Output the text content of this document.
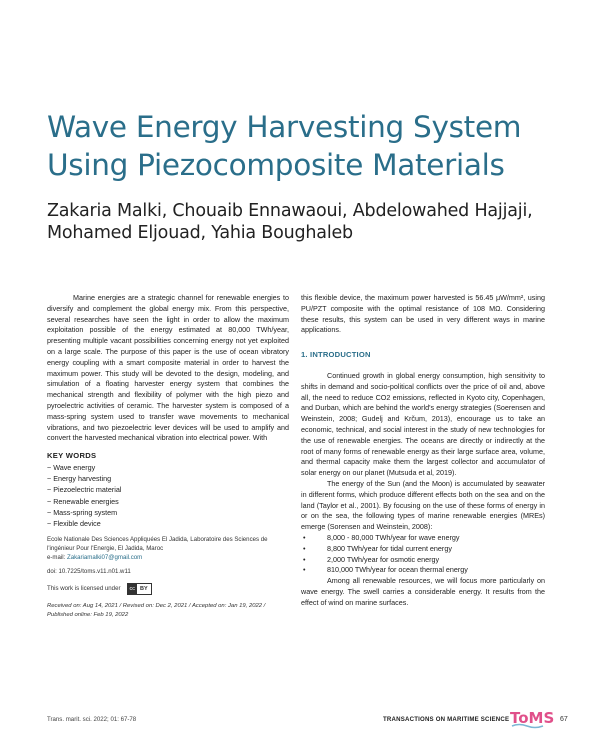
Wave Energy Harvesting System
Using Piezocomposite Materials
Zakaria Malki, Chouaib Ennawaoui, Abdelowahed Hajjaji,
Mohamed Eljouad, Yahia Boughaleb

Marine energies are a strategic channel for renewable energies to diversify and complement the global energy mix. From this perspective, several researches have seen the light in order to allow the maximum exploitation possible of the energy estimated at 80,000 TWh/year, presenting multiple vacant possibilities concerning energy not yet exploited on a large scale. The purpose of this paper is the use of ocean vibratory energy coupling with a smart composite material in order to harvest the maximum power. This study will be devoted to the design, modeling, and simulation of a floating harvester energy system that combines the mechanical strength and flexibility of polymer with the high piezo and pyroelectric activities of ceramic. The harvester system is composed of a mass-spring system used to transfer wave movements to mechanical vibrations, and two piezoelectric lever devices will be used to amplify and convert the harvested mechanical vibration into electrical power. With

KEY WORDS
~ Wave energy
~ Energy harvesting
~ Piezoelectric material
~ Renewable energies
~ Mass-spring system
~ Flexible device
Ecole Nationale Des Sciences Appliquées El Jadida, Laboratoire des Sciences de l'ingénieur Pour l'Energie, El Jadida, Maroc
e-mail: Zakariamalki07@gmail.com
doi: 10.7225/toms.v11.n01.w11
This work is licensed under	cc BY
Received on: Aug 14, 2021 / Revised on: Dec 2, 2021 / Accepted on: Jan 19, 2022 / Published online: Feb 19, 2022

this flexible device, the maximum power harvested is 56.45 μW/mm², using PU/PZT composite with the optimal resistance of 108 MΩ. Considering these results, this system can be used in very different ways in marine applications.

1. INTRODUCTION

Continued growth in global energy consumption, high sensitivity to shifts in demand and socio-political conflicts over the price of oil and, above all, the need to reduce CO2 emissions, reflected in Kyoto city, Copenhagen, and Durban, which are behind the world's energy strategies (Soerensen and Weinstein, 2008; Gudelj and Krčum, 2013), encourage us to take an economic, technical, and social interest in the study of new technologies for the use of renewable energies. The oceans are directly or indirectly at the root of many forms of renewable energy as their large surface area, volume, and thermal capacity make them the largest collector and accumulator of solar energy on our planet (Mutsuda et al, 2019).

The energy of the Sun (and the Moon) is accumulated by seawater in different forms, which produce different effects both on the sea and on the land (Taylor et al., 2001). By focusing on the use of these forms of energy in or on the sea, the following types of marine renewable energies (MREs) emerge (Sorensen and Weinstein, 2008):

• 8,000 - 80,000 TWh/year for wave energy
• 8,800 TWh/year for tidal current energy
• 2,000 TWh/year for osmotic energy
• 810,000 TWh/year for ocean thermal energy

Among all renewable resources, we will focus more particularly on wave energy. The swell carries a considerable energy. It results from the effect of wind on marine surfaces.

Trans. marit. sci. 2022; 01: 67-78	TRANSACTIONS ON MARITIME SCIENCE ToMS 67
